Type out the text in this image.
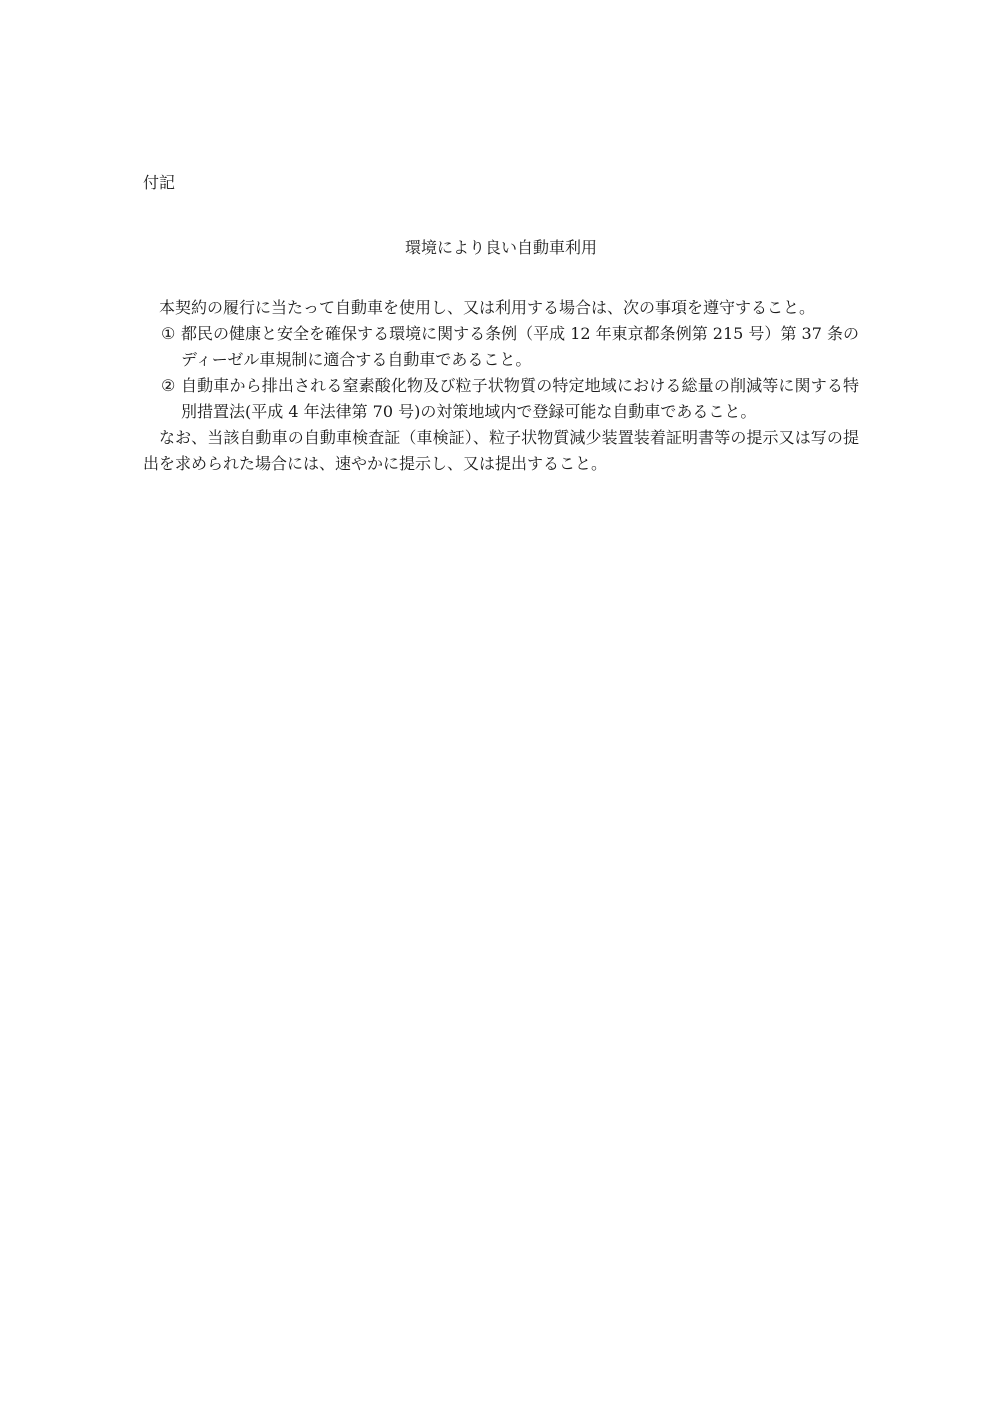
付記

環境により良い自動車利用

本契約の履行に当たって自動車を使用し、又は利用する場合は、次の事項を遵守すること。

① 都民の健康と安全を確保する環境に関する条例（平成 12 年東京都条例第 215 号）第 37 条のディーゼル車規制に適合する自動車であること。
② 自動車から排出される窒素酸化物及び粒子状物質の特定地域における総量の削減等に関する特別措置法(平成 4 年法律第 70 号)の対策地域内で登録可能な自動車であること。

なお、当該自動車の自動車検査証（車検証）、粒子状物質減少装置装着証明書等の提示又は写の提出を求められた場合には、速やかに提示し、又は提出すること。
